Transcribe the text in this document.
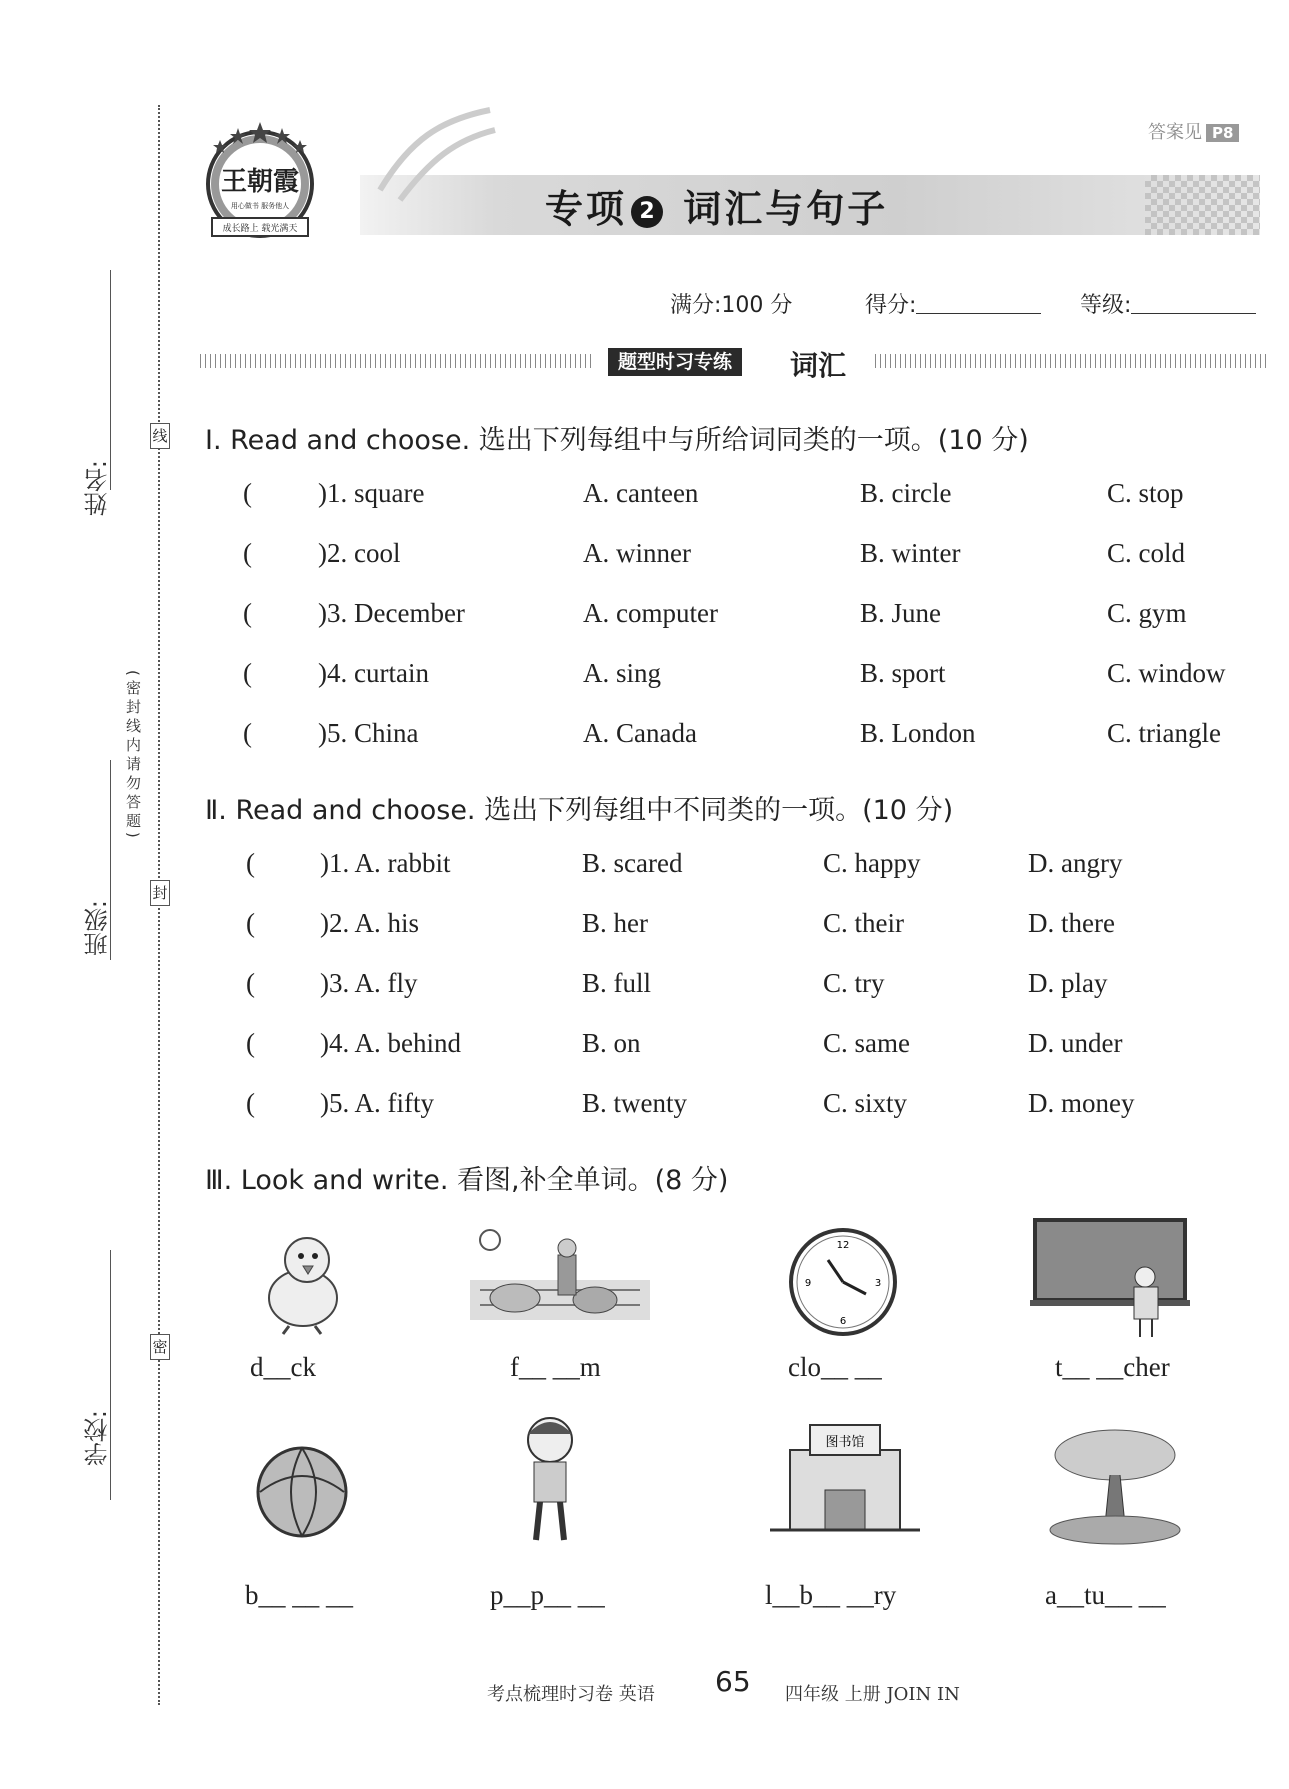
姓名:
班级:
学校:
线
封
密
(密封线内请勿答题)
专项 2 词汇与句子
答案见 P8
王朝霞
用心做书 服务他人
成长路上 载光满天
满分:100 分	得分:	等级:
题型时习专练	词汇
Ⅰ. Read and choose. 选出下列每组中与所给词同类的一项。(10 分)
( )1. square	A. canteen	B. circle	C. stop
( )2. cool	A. winner	B. winter	C. cold
( )3. December	A. computer	B. June	C. gym
( )4. curtain	A. sing	B. sport	C. window
( )5. China	A. Canada	B. London	C. triangle
Ⅱ. Read and choose. 选出下列每组中不同类的一项。(10 分)
( )1. A. rabbit	B. scared	C. happy	D. angry
( )2. A. his	B. her	C. their	D. there
( )3. A. fly	B. full	C. try	D. play
( )4. A. behind	B. on	C. same	D. under
( )5. A. fifty	B. twenty	C. sixty	D. money
Ⅲ. Look and write. 看图,补全单词。(8 分)
12
3
6
9
d__ck	f__ __m	clo__ __	t__ __cher
图书馆
b__ __ __	p__p__ __	l__b__ __ry	a__tu__ __
考点梳理时习卷 英语 65 四年级 上册 JOIN IN
